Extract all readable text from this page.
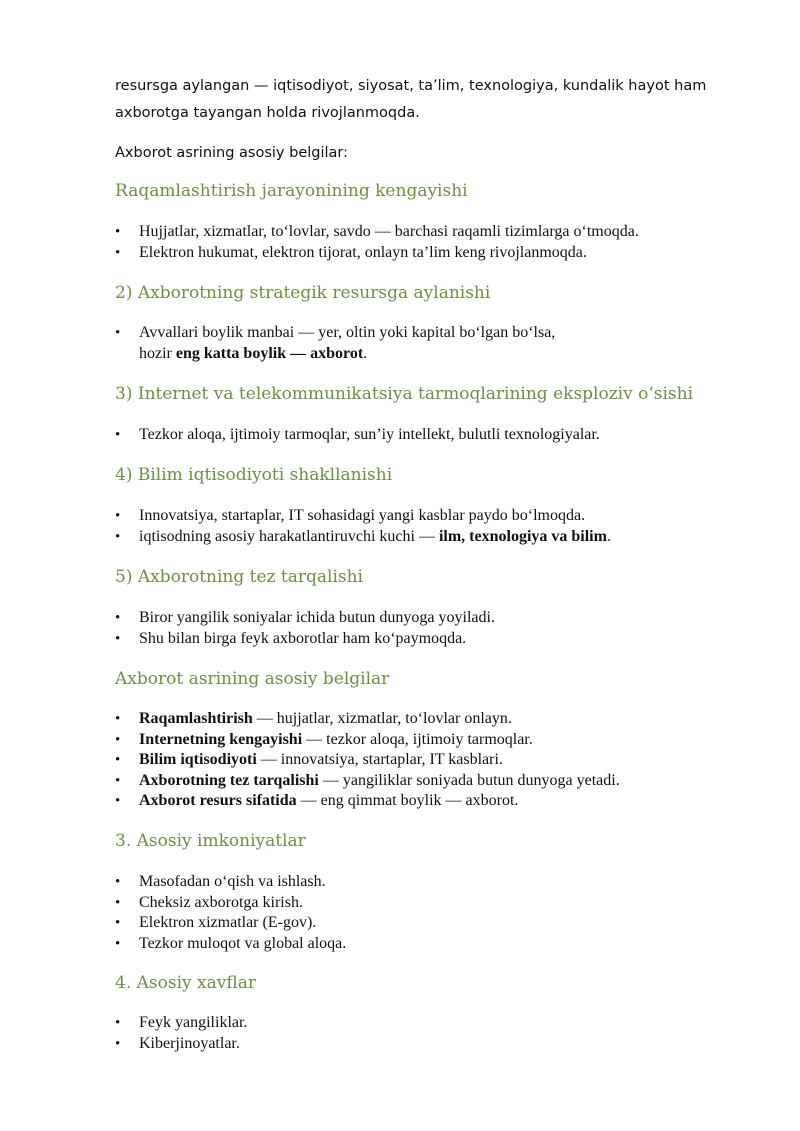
resursga aylangan — iqtisodiyot, siyosat, ta’lim, texnologiya, kundalik hayot ham
axborotga tayangan holda rivojlanmoqda.

Axborot asrining asosiy belgilar:

Raqamlashtirish jarayonining kengayishi
• Hujjatlar, xizmatlar, to‘lovlar, savdo — barchasi raqamli tizimlarga o‘tmoqda.
• Elektron hukumat, elektron tijorat, onlayn ta’lim keng rivojlanmoqda.
2) Axborotning strategik resursga aylanishi
• Avvallari boylik manbai — yer, oltin yoki kapital bo‘lgan bo‘lsa,
hozir eng katta boylik — axborot.
3) Internet va telekommunikatsiya tarmoqlarining eksploziv o‘sishi
• Tezkor aloqa, ijtimoiy tarmoqlar, sun’iy intellekt, bulutli texnologiyalar.
4) Bilim iqtisodiyoti shakllanishi
• Innovatsiya, startaplar, IT sohasidagi yangi kasblar paydo bo‘lmoqda.
• iqtisodning asosiy harakatlantiruvchi kuchi — ilm, texnologiya va bilim.
5) Axborotning tez tarqalishi
• Biror yangilik soniyalar ichida butun dunyoga yoyiladi.
• Shu bilan birga feyk axborotlar ham ko‘paymoqda.
Axborot asrining asosiy belgilar
• Raqamlashtirish — hujjatlar, xizmatlar, to‘lovlar onlayn.
• Internetning kengayishi — tezkor aloqa, ijtimoiy tarmoqlar.
• Bilim iqtisodiyoti — innovatsiya, startaplar, IT kasblari.
• Axborotning tez tarqalishi — yangiliklar soniyada butun dunyoga yetadi.
• Axborot resurs sifatida — eng qimmat boylik — axborot.
3. Asosiy imkoniyatlar
• Masofadan o‘qish va ishlash.
• Cheksiz axborotga kirish.
• Elektron xizmatlar (E-gov).
• Tezkor muloqot va global aloqa.
4. Asosiy xavflar
• Feyk yangiliklar.
• Kiberjinoyatlar.
